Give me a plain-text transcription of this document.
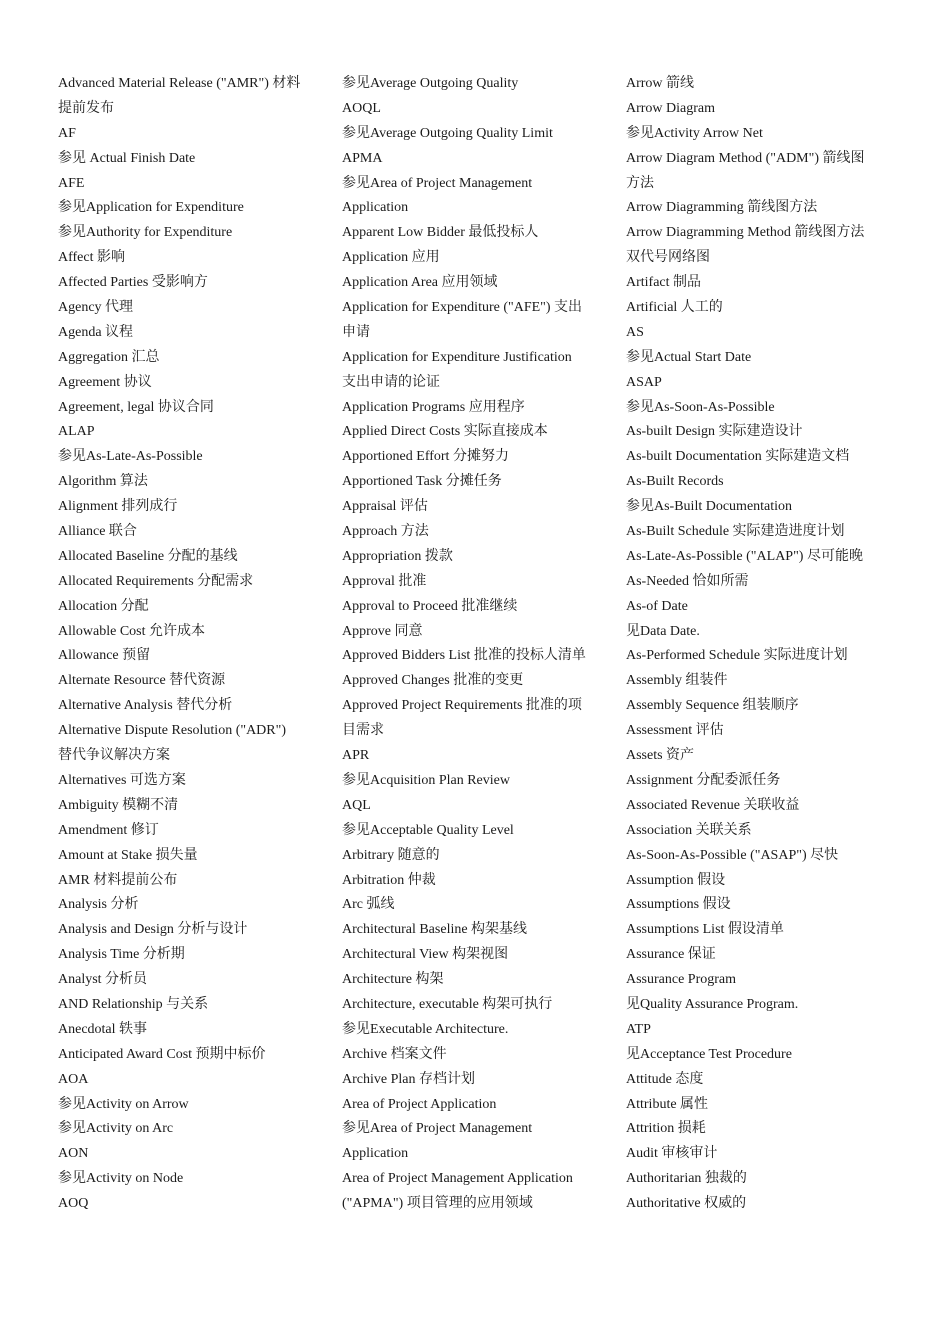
Advanced Material Release ("AMR") 材料
提前发布
AF
参见 Actual Finish Date
AFE
参见Application for Expenditure
参见Authority for Expenditure
Affect 影响
Affected Parties 受影响方
Agency 代理
Agenda 议程
Aggregation 汇总
Agreement 协议
Agreement, legal 协议合同
ALAP
参见As-Late-As-Possible
Algorithm 算法
Alignment 排列成行
Alliance 联合
Allocated Baseline 分配的基线
Allocated Requirements 分配需求
Allocation 分配
Allowable Cost 允许成本
Allowance 预留
Alternate Resource 替代资源
Alternative Analysis 替代分析
Alternative Dispute Resolution ("ADR")
替代争议解决方案
Alternatives 可选方案
Ambiguity 模糊不清
Amendment 修订
Amount at Stake 损失量
AMR 材料提前公布
Analysis 分析
Analysis and Design 分析与设计
Analysis Time 分析期
Analyst 分析员
AND Relationship 与关系
Anecdotal 轶事
Anticipated Award Cost 预期中标价
AOA
参见Activity on Arrow
参见Activity on Arc
AON
参见Activity on Node
AOQ
参见Average Outgoing Quality
AOQL
参见Average Outgoing Quality Limit
APMA
参见Area of Project Management
Application
Apparent Low Bidder 最低投标人
Application 应用
Application Area 应用领域
Application for Expenditure ("AFE") 支出
申请
Application for Expenditure Justification
支出申请的论证
Application Programs 应用程序
Applied Direct Costs 实际直接成本
Apportioned Effort 分摊努力
Apportioned Task 分摊任务
Appraisal 评估
Approach 方法
Appropriation 拨款
Approval 批准
Approval to Proceed 批准继续
Approve 同意
Approved Bidders List 批准的投标人清单
Approved Changes 批准的变更
Approved Project Requirements 批准的项
目需求
APR
参见Acquisition Plan Review
AQL
参见Acceptable Quality Level
Arbitrary 随意的
Arbitration 仲裁
Arc 弧线
Architectural Baseline 构架基线
Architectural View 构架视图
Architecture 构架
Architecture, executable 构架可执行
参见Executable Architecture.
Archive 档案文件
Archive Plan 存档计划
Area of Project Application
参见Area of Project Management
Application
Area of Project Management Application
("APMA") 项目管理的应用领域
Arrow 箭线
Arrow Diagram
参见Activity Arrow Net
Arrow Diagram Method ("ADM") 箭线图
方法
Arrow Diagramming 箭线图方法
Arrow Diagramming Method 箭线图方法
双代号网络图
Artifact 制品
Artificial 人工的
AS
参见Actual Start Date
ASAP
参见As-Soon-As-Possible
As-built Design 实际建造设计
As-built Documentation 实际建造文档
As-Built Records
参见As-Built Documentation
As-Built Schedule 实际建造进度计划
As-Late-As-Possible ("ALAP") 尽可能晚
As-Needed 恰如所需
As-of Date
见Data Date.
As-Performed Schedule 实际进度计划
Assembly 组装件
Assembly Sequence 组装顺序
Assessment 评估
Assets 资产
Assignment 分配委派任务
Associated Revenue 关联收益
Association 关联关系
As-Soon-As-Possible ("ASAP") 尽快
Assumption 假设
Assumptions 假设
Assumptions List 假设清单
Assurance 保证
Assurance Program
见Quality Assurance Program.
ATP
见Acceptance Test Procedure
Attitude 态度
Attribute 属性
Attrition 损耗
Audit 审核审计
Authoritarian 独裁的
Authoritative 权威的
